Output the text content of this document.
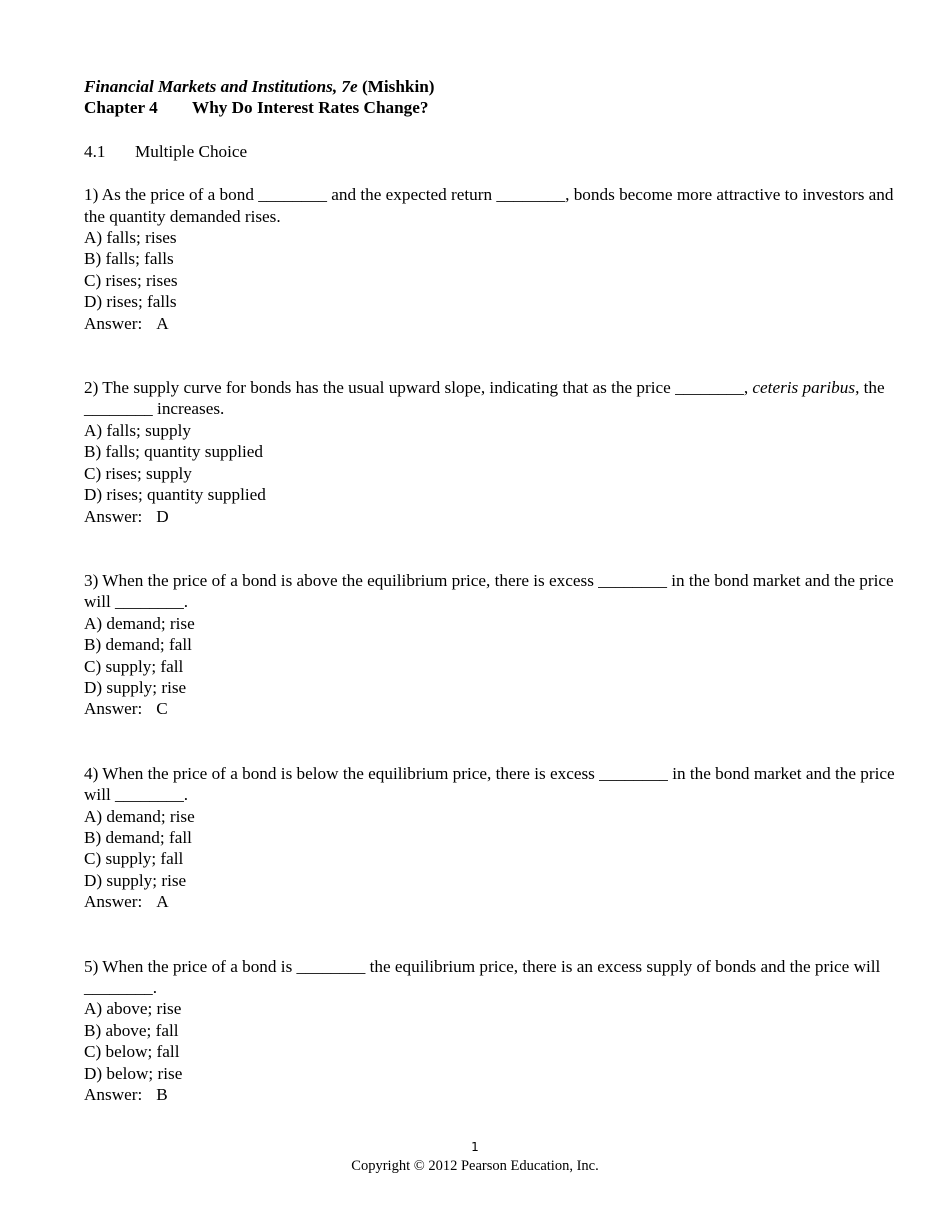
Financial Markets and Institutions, 7e (Mishkin)
Chapter 4 Why Do Interest Rates Change?
4.1 Multiple Choice
1) As the price of a bond ________ and the expected return ________, bonds become more attractive to investors and the quantity demanded rises.
A) falls; rises
B) falls; falls
C) rises; rises
D) rises; falls
Answer: A
2) The supply curve for bonds has the usual upward slope, indicating that as the price ________, ceteris paribus, the ________ increases.
A) falls; supply
B) falls; quantity supplied
C) rises; supply
D) rises; quantity supplied
Answer: D
3) When the price of a bond is above the equilibrium price, there is excess ________ in the bond market and the price will ________.
A) demand; rise
B) demand; fall
C) supply; fall
D) supply; rise
Answer: C
4) When the price of a bond is below the equilibrium price, there is excess ________ in the bond market and the price will ________.
A) demand; rise
B) demand; fall
C) supply; fall
D) supply; rise
Answer: A
5) When the price of a bond is ________ the equilibrium price, there is an excess supply of bonds and the price will ________.
A) above; rise
B) above; fall
C) below; fall
D) below; rise
Answer: B
1
Copyright © 2012 Pearson Education, Inc.
